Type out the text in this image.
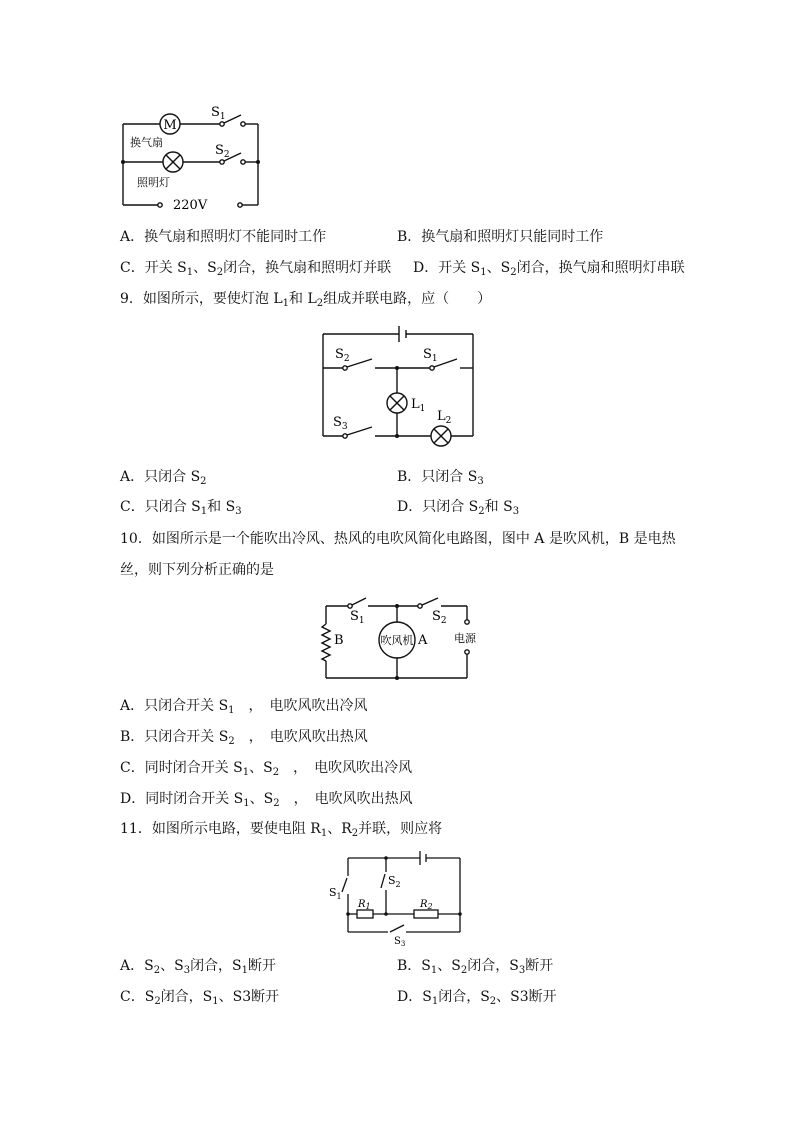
M
$S_1$
换气扇
$S_2$
照明灯
220V
A．换气扇和照明灯不能同时工作	B．换气扇和照明灯只能同时工作
C．开关 $S_1$、$S_2$闭合，换气扇和照明灯并联 D．开关 $S_1$、$S_2$闭合，换气扇和照明灯串联
9．如图所示，要使灯泡 $L_1$和 $L_2$组成并联电路，应（　　）
$S_2$	$S_1$
$L_1$ $L_2$
$S_3$
A．只闭合 $S_2$	B．只闭合 $S_3$
C．只闭合 $S_1$和 $S_3$	D．只闭合 $S_2$和 $S_3$
10．如图所示是一个能吹出冷风、热风的电吹风简化电路图，图中 A 是吹风机，B 是电热
丝，则下列分析正确的是
$S_1$	$S_2$
B	吹风机 A 电源
A．只闭合开关 $S_1$　，　电吹风吹出冷风
B．只闭合开关 $S_2$　，　电吹风吹出热风
C．同时闭合开关 $S_1$、$S_2$　，　电吹风吹出冷风
D．同时闭合开关 $S_1$、$S_2$　，　电吹风吹出热风
11．如图所示电路，要使电阻 $R_1$、$R_2$并联，则应将
$S_1$
$S_2$
$R_1$	$R_2$
$S_3$
A．$S_2$、$S_3$闭合，$S_1$断开	B．$S_1$、$S_2$闭合，$S_3$断开
C．$S_2$闭合，$S_1$、S3断开	D．$S_1$闭合，$S_2$、S3断开
